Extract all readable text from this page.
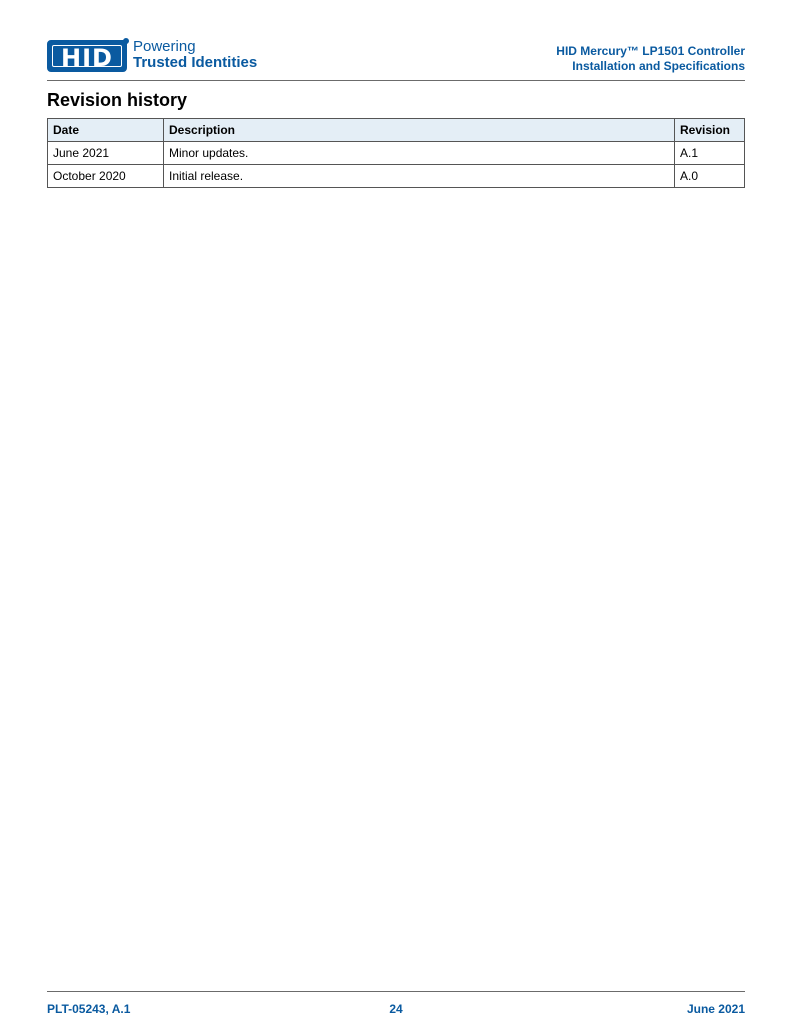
HID	Powering
Trusted Identities
HID Mercury™ LP1501 Controller
Installation and Specifications
Revision history
Date	Description	Revision
June 2021	Minor updates.	A.1
October 2020	Initial release.	A.0
PLT-05243, A.1	24	June 2021
